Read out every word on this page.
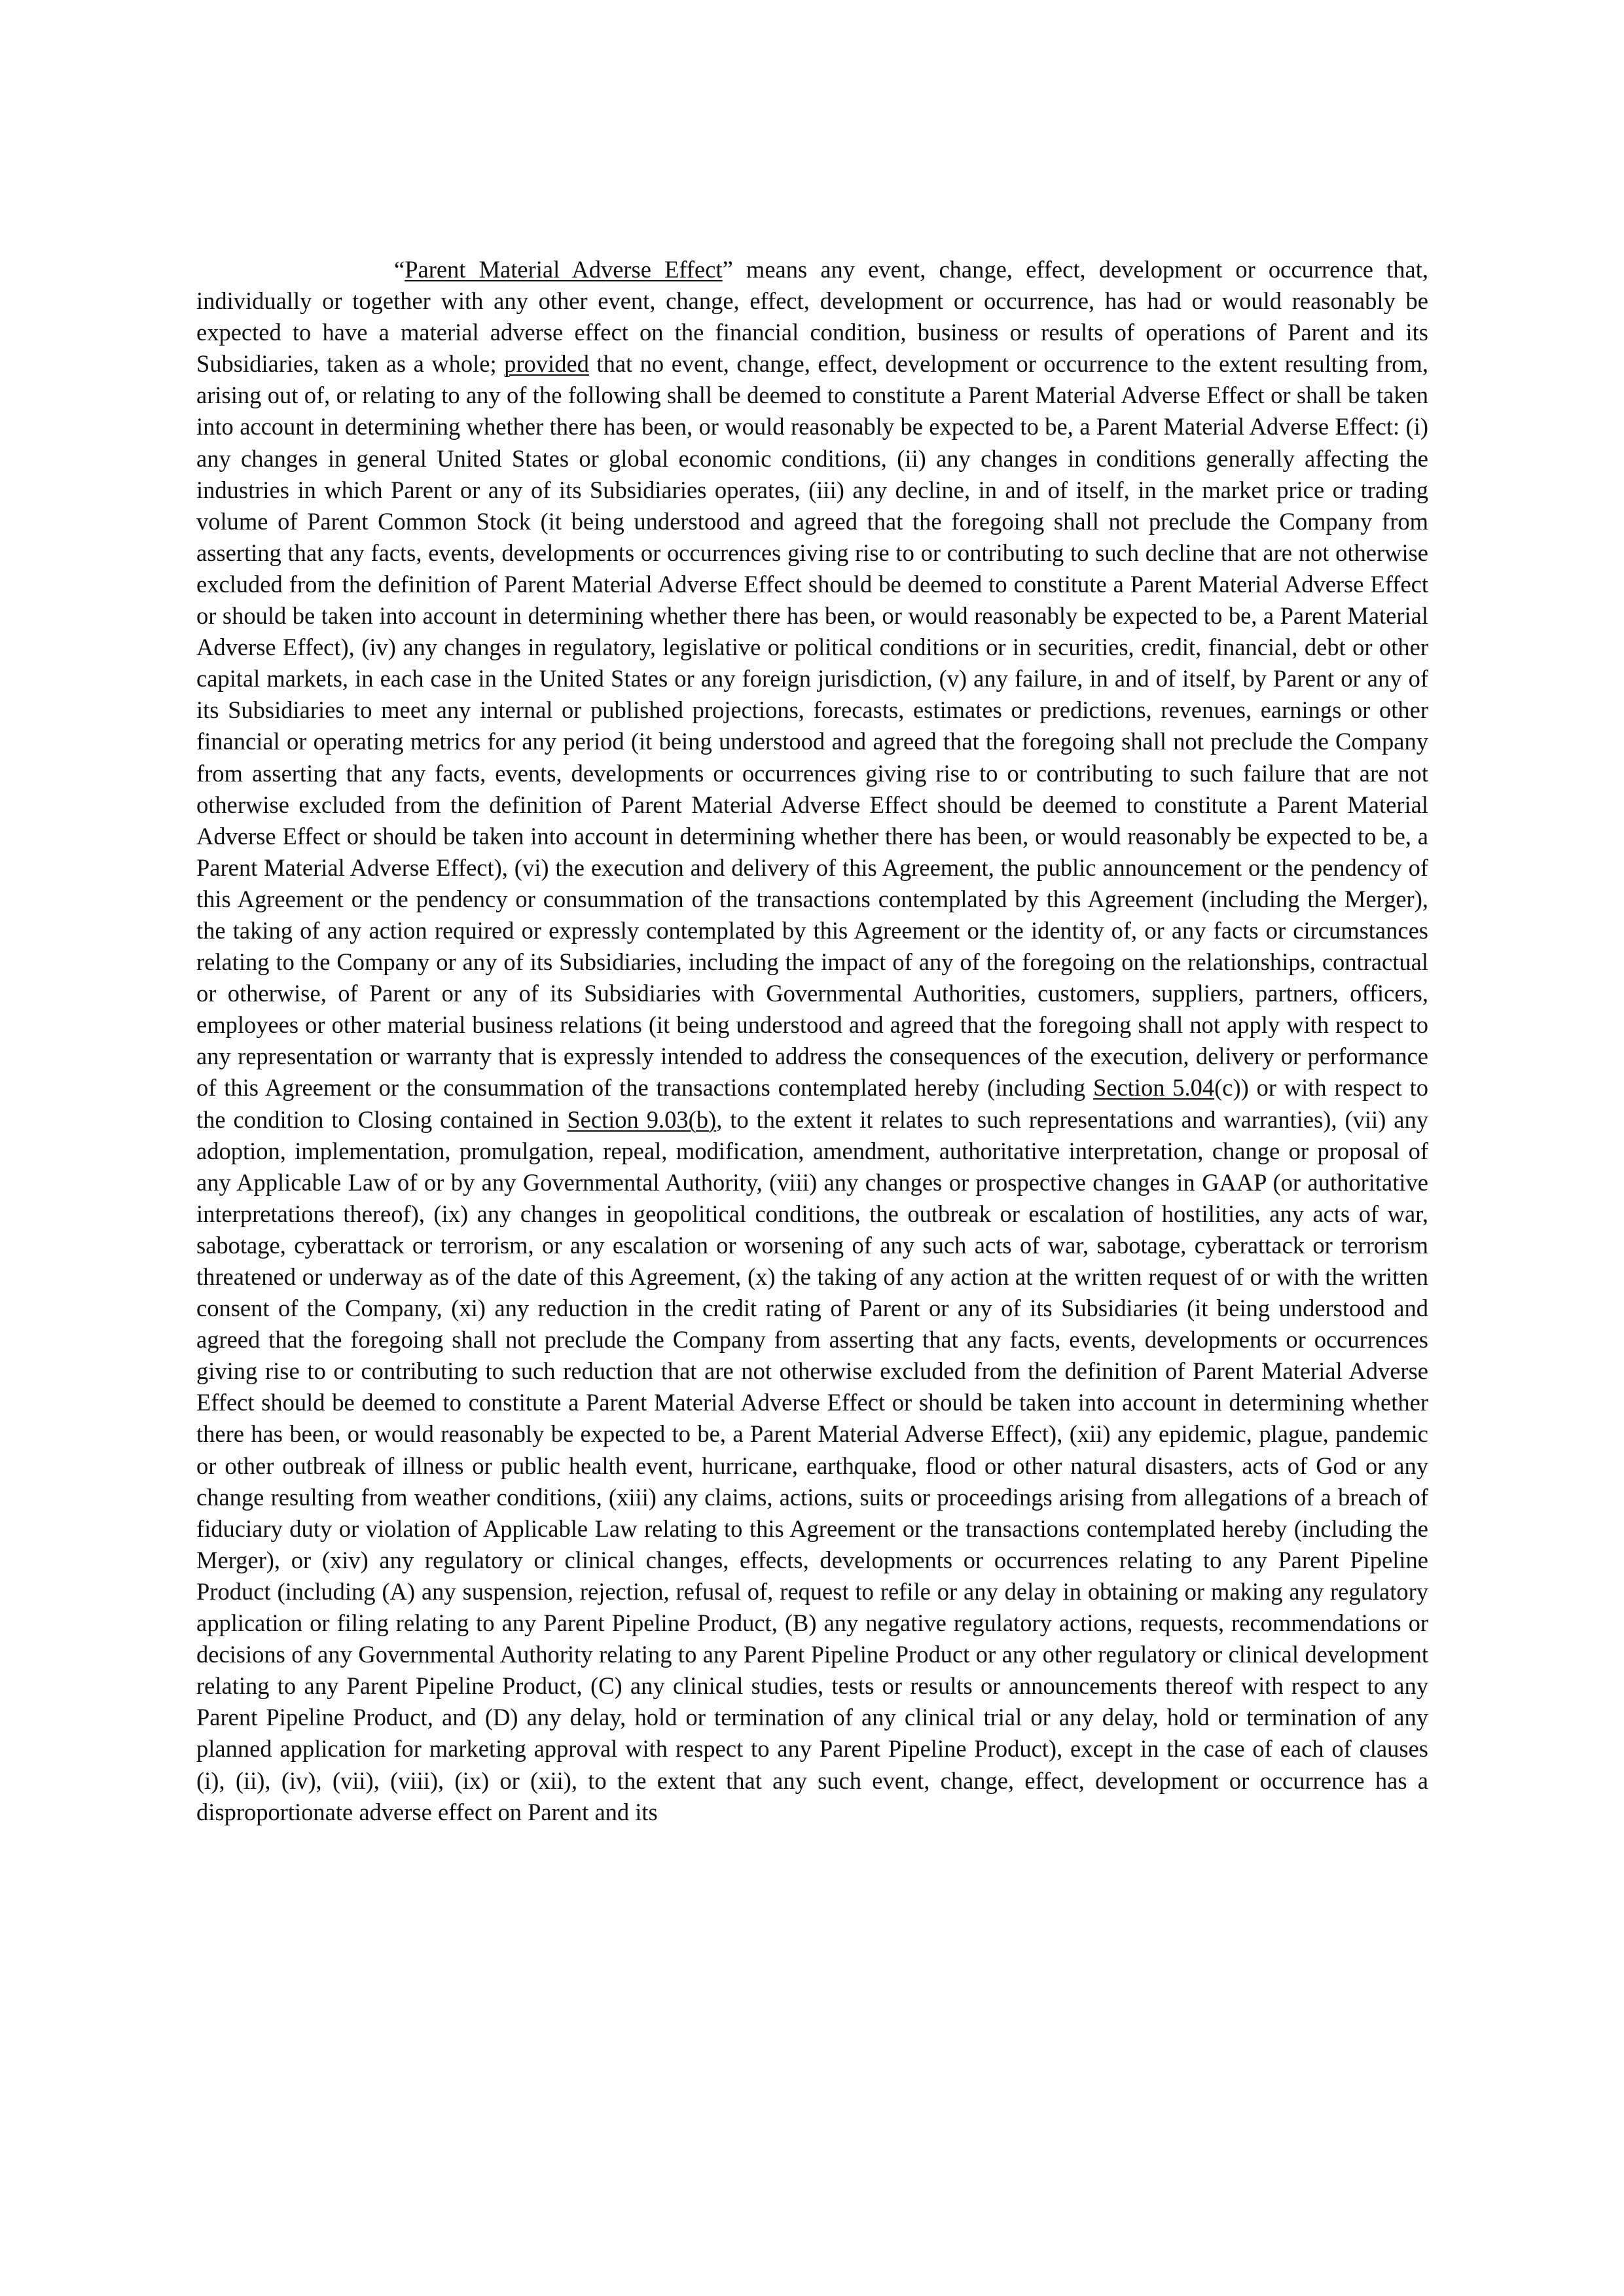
“Parent Material Adverse Effect” means any event, change, effect, development or occurrence that, individually or together with any other event, change, effect, development or occurrence, has had or would reasonably be expected to have a material adverse effect on the financial condition, business or results of operations of Parent and its Subsidiaries, taken as a whole; provided that no event, change, effect, development or occurrence to the extent resulting from, arising out of, or relating to any of the following shall be deemed to constitute a Parent Material Adverse Effect or shall be taken into account in determining whether there has been, or would reasonably be expected to be, a Parent Material Adverse Effect: (i) any changes in general United States or global economic conditions, (ii) any changes in conditions generally affecting the industries in which Parent or any of its Subsidiaries operates, (iii) any decline, in and of itself, in the market price or trading volume of Parent Common Stock (it being understood and agreed that the foregoing shall not preclude the Company from asserting that any facts, events, developments or occurrences giving rise to or contributing to such decline that are not otherwise excluded from the definition of Parent Material Adverse Effect should be deemed to constitute a Parent Material Adverse Effect or should be taken into account in determining whether there has been, or would reasonably be expected to be, a Parent Material Adverse Effect), (iv) any changes in regulatory, legislative or political conditions or in securities, credit, financial, debt or other capital markets, in each case in the United States or any foreign jurisdiction, (v) any failure, in and of itself, by Parent or any of its Subsidiaries to meet any internal or published projections, forecasts, estimates or predictions, revenues, earnings or other financial or operating metrics for any period (it being understood and agreed that the foregoing shall not preclude the Company from asserting that any facts, events, developments or occurrences giving rise to or contributing to such failure that are not otherwise excluded from the definition of Parent Material Adverse Effect should be deemed to constitute a Parent Material Adverse Effect or should be taken into account in determining whether there has been, or would reasonably be expected to be, a Parent Material Adverse Effect), (vi) the execution and delivery of this Agreement, the public announcement or the pendency of this Agreement or the pendency or consummation of the transactions contemplated by this Agreement (including the Merger), the taking of any action required or expressly contemplated by this Agreement or the identity of, or any facts or circumstances relating to the Company or any of its Subsidiaries, including the impact of any of the foregoing on the relationships, contractual or otherwise, of Parent or any of its Subsidiaries with Governmental Authorities, customers, suppliers, partners, officers, employees or other material business relations (it being understood and agreed that the foregoing shall not apply with respect to any representation or warranty that is expressly intended to address the consequences of the execution, delivery or performance of this Agreement or the consummation of the transactions contemplated hereby (including Section 5.04(c)) or with respect to the condition to Closing contained in Section 9.03(b), to the extent it relates to such representations and warranties), (vii) any adoption, implementation, promulgation, repeal, modification, amendment, authoritative interpretation, change or proposal of any Applicable Law of or by any Governmental Authority, (viii) any changes or prospective changes in GAAP (or authoritative interpretations thereof), (ix) any changes in geopolitical conditions, the outbreak or escalation of hostilities, any acts of war, sabotage, cyberattack or terrorism, or any escalation or worsening of any such acts of war, sabotage, cyberattack or terrorism threatened or underway as of the date of this Agreement, (x) the taking of any action at the written request of or with the written consent of the Company, (xi) any reduction in the credit rating of Parent or any of its Subsidiaries (it being understood and agreed that the foregoing shall not preclude the Company from asserting that any facts, events, developments or occurrences giving rise to or contributing to such reduction that are not otherwise excluded from the definition of Parent Material Adverse Effect should be deemed to constitute a Parent Material Adverse Effect or should be taken into account in determining whether there has been, or would reasonably be expected to be, a Parent Material Adverse Effect), (xii) any epidemic, plague, pandemic or other outbreak of illness or public health event, hurricane, earthquake, flood or other natural disasters, acts of God or any change resulting from weather conditions, (xiii) any claims, actions, suits or proceedings arising from allegations of a breach of fiduciary duty or violation of Applicable Law relating to this Agreement or the transactions contemplated hereby (including the Merger), or (xiv) any regulatory or clinical changes, effects, developments or occurrences relating to any Parent Pipeline Product (including (A) any suspension, rejection, refusal of, request to refile or any delay in obtaining or making any regulatory application or filing relating to any Parent Pipeline Product, (B) any negative regulatory actions, requests, recommendations or decisions of any Governmental Authority relating to any Parent Pipeline Product or any other regulatory or clinical development relating to any Parent Pipeline Product, (C) any clinical studies, tests or results or announcements thereof with respect to any Parent Pipeline Product, and (D) any delay, hold or termination of any clinical trial or any delay, hold or termination of any planned application for marketing approval with respect to any Parent Pipeline Product), except in the case of each of clauses (i), (ii), (iv), (vii), (viii), (ix) or (xii), to the extent that any such event, change, effect, development or occurrence has a disproportionate adverse effect on Parent and its
